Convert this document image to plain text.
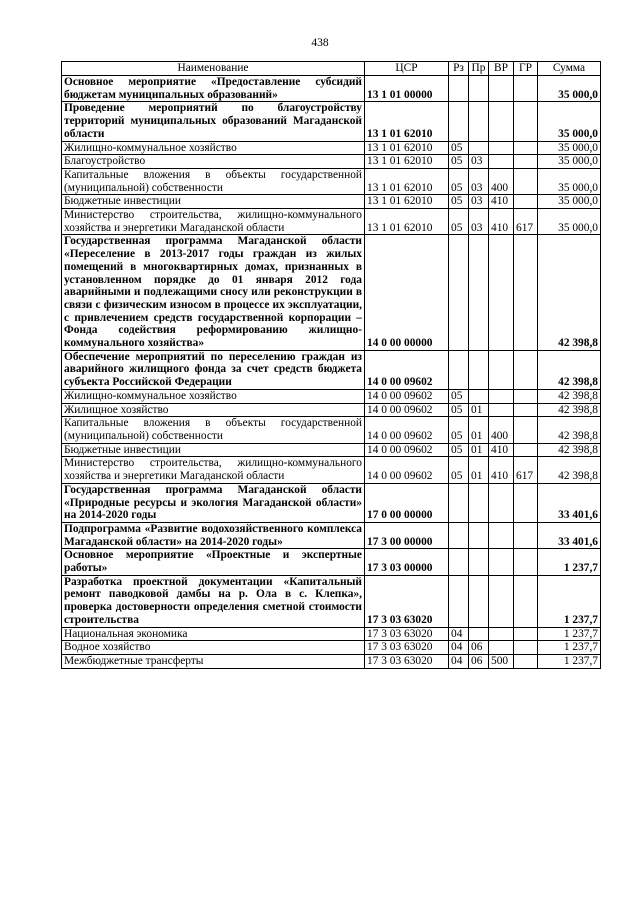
438
Наименование	ЦСР	Рз	Пр	ВР	ГР	Сумма
Основное мероприятие «Предоставление субсидий бюджетам муниципальных образований»	13 1 01 00000					35 000,0
Проведение мероприятий по благоустройству территорий муниципальных образований Магаданской области	13 1 01 62010					35 000,0
Жилищно-коммунальное хозяйство	13 1 01 62010	05				35 000,0
Благоустройство	13 1 01 62010	05	03			35 000,0
Капитальные вложения в объекты государственной (муниципальной) собственности	13 1 01 62010	05	03	400		35 000,0
Бюджетные инвестиции	13 1 01 62010	05	03	410		35 000,0
Министерство строительства, жилищно-коммунального хозяйства и энергетики Магаданской области	13 1 01 62010	05	03	410	617	35 000,0
Государственная программа Магаданской области «Переселение в 2013-2017 годы граждан из жилых помещений в многоквартирных домах, признанных в установленном порядке до 01 января 2012 года аварийными и подлежащими сносу или реконструкции в связи с физическим износом в процессе их эксплуатации, с привлечением средств государственной корпорации – Фонда содействия реформированию жилищно-коммунального хозяйства»	14 0 00 00000					42 398,8
Обеспечение мероприятий по переселению граждан из аварийного жилищного фонда за счет средств бюджета субъекта Российской Федерации	14 0 00 09602					42 398,8
Жилищно-коммунальное хозяйство	14 0 00 09602	05				42 398,8
Жилищное хозяйство	14 0 00 09602	05	01			42 398,8
Капитальные вложения в объекты государственной (муниципальной) собственности	14 0 00 09602	05	01	400		42 398,8
Бюджетные инвестиции	14 0 00 09602	05	01	410		42 398,8
Министерство строительства, жилищно-коммунального хозяйства и энергетики Магаданской области	14 0 00 09602	05	01	410	617	42 398,8
Государственная программа Магаданской области «Природные ресурсы и экология Магаданской области» на 2014-2020 годы	17 0 00 00000					33 401,6
Подпрограмма «Развитие водохозяйственного комплекса Магаданской области» на 2014-2020 годы»	17 3 00 00000					33 401,6
Основное мероприятие «Проектные и экспертные работы»	17 3 03 00000					1 237,7
Разработка проектной документации «Капитальный ремонт паводковой дамбы на р. Ола в с. Клепка», проверка достоверности определения сметной стоимости строительства	17 3 03 63020					1 237,7
Национальная экономика	17 3 03 63020	04				1 237,7
Водное хозяйство	17 3 03 63020	04	06			1 237,7
Межбюджетные трансферты	17 3 03 63020	04	06	500		1 237,7
